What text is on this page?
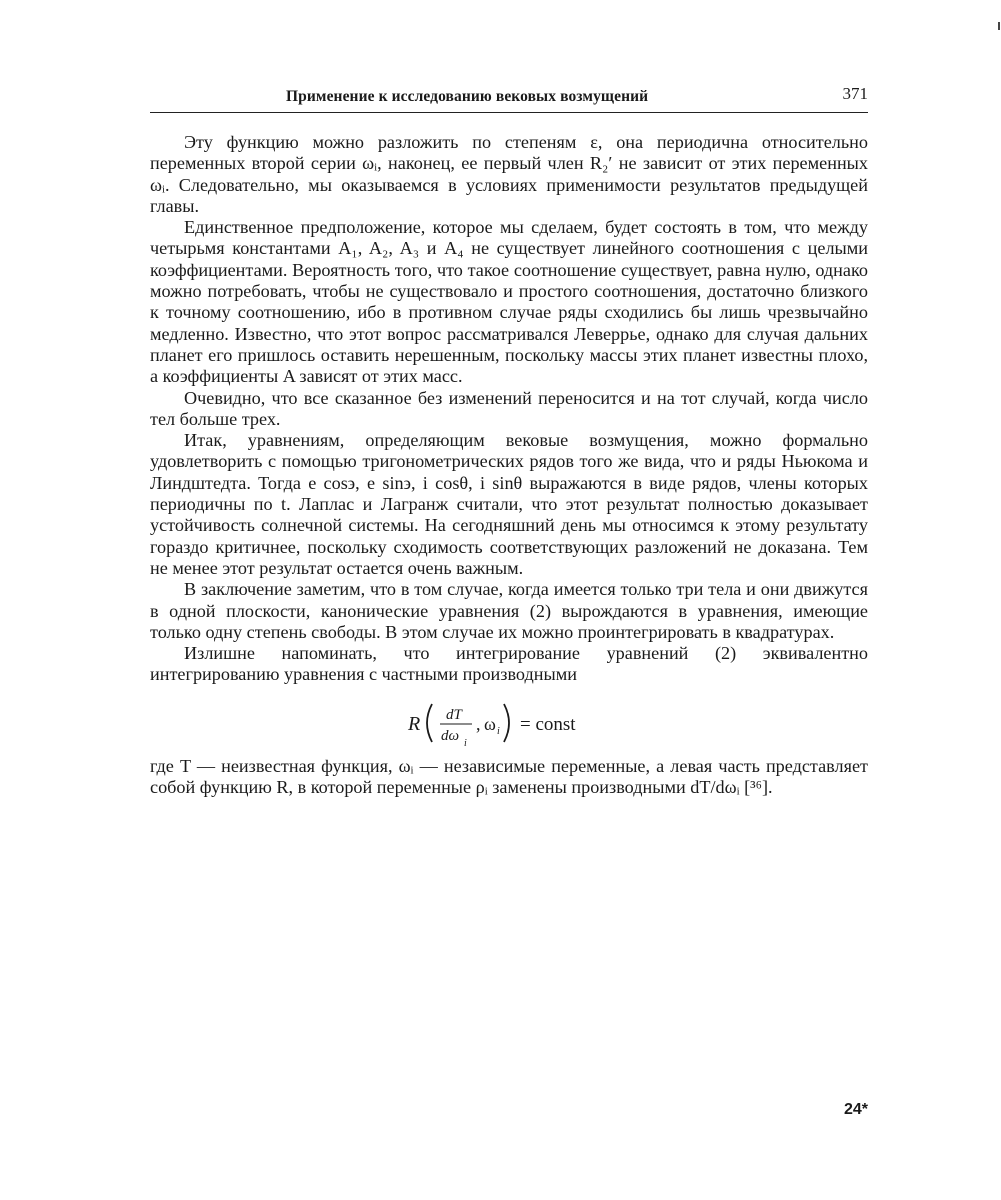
Применение к исследованию вековых возмущений	371

Эту функцию можно разложить по степеням ε, она периодична относительно переменных второй серии ωᵢ, наконец, ее первый член R₂′ не зависит от этих переменных ωᵢ. Следовательно, мы оказываемся в условиях применимости результатов предыдущей главы.

Единственное предположение, которое мы сделаем, будет состоять в том, что между четырьмя константами A₁, A₂, A₃ и A₄ не существует линейного соотношения с целыми коэффициентами. Вероятность того, что такое соотношение существует, равна нулю, однако можно потребовать, чтобы не существовало и простого соотношения, достаточно близкого к точному соотношению, ибо в противном случае ряды сходились бы лишь чрезвычайно медленно. Известно, что этот вопрос рассматривался Леверрье, однако для случая дальних планет его пришлось оставить нерешенным, поскольку массы этих планет известны плохо, а коэффициенты A зависят от этих масс.

Очевидно, что все сказанное без изменений переносится и на тот случай, когда число тел больше трех.

Итак, уравнениям, определяющим вековые возмущения, можно формально удовлетворить с помощью тригонометрических рядов того же вида, что и ряды Ньюкома и Линдштедта. Тогда e cos϶, e sin϶, i cosθ, i sinθ выражаются в виде рядов, члены которых периодичны по t. Лаплас и Лагранж считали, что этот результат полностью доказывает устойчивость солнечной системы. На сегодняшний день мы относимся к этому результату гораздо критичнее, поскольку сходимость соответствующих разложений не доказана. Тем не менее этот результат остается очень важным.

В заключение заметим, что в том случае, когда имеется только три тела и они движутся в одной плоскости, канонические уравнения (2) вырождаются в уравнения, имеющие только одну степень свободы. В этом случае их можно проинтегрировать в квадратурах.

Излишне напоминать, что интегрирование уравнений (2) эквивалентно интегрированию уравнения с частными производными

R dT
dω i
, ω i = const

где T — неизвестная функция, ωᵢ — независимые переменные, а левая часть представляет собой функцию R, в которой переменные ρᵢ заменены производными dT/dωᵢ [³⁶].

24*
